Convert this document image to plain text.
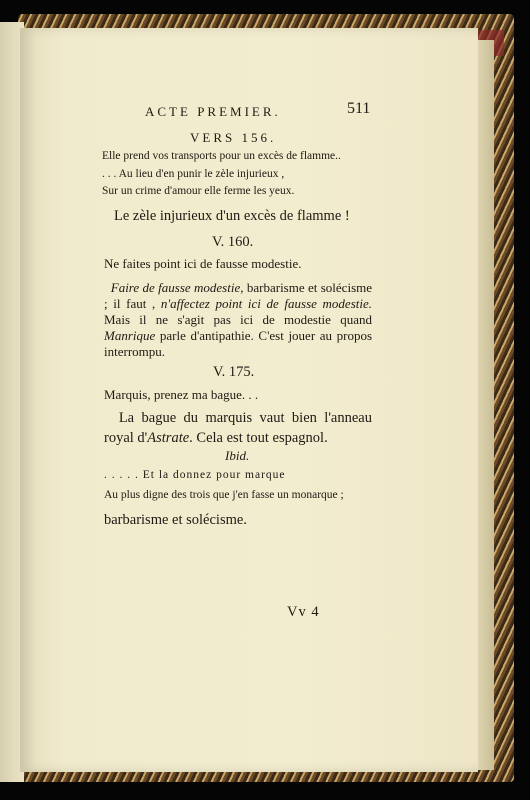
ACTE PREMIER.	511
VERS 156.
Elle prend vos transports pour un excès de flamme..
. . . Au lieu d'en punir le zèle injurieux ,
Sur un crime d'amour elle ferme les yeux.
Le zèle injurieux d'un excès de flamme !
V. 160.
Ne faites point ici de fausse modestie.
Faire de fausse modestie, barbarisme et solécisme ; il faut , n'affectez point ici de fausse modestie. Mais il ne s'agit pas ici de modestie quand Manrique parle d'antipathie. C'est jouer au propos interrompu.
V. 175.
Marquis, prenez ma bague. . .
La bague du marquis vaut bien l'anneau royal d'Astrate. Cela est tout espagnol.
Ibid.
. . . . . Et la donnez pour marque
Au plus digne des trois que j'en fasse un monarque ;
barbarisme et solécisme.
Vv 4
